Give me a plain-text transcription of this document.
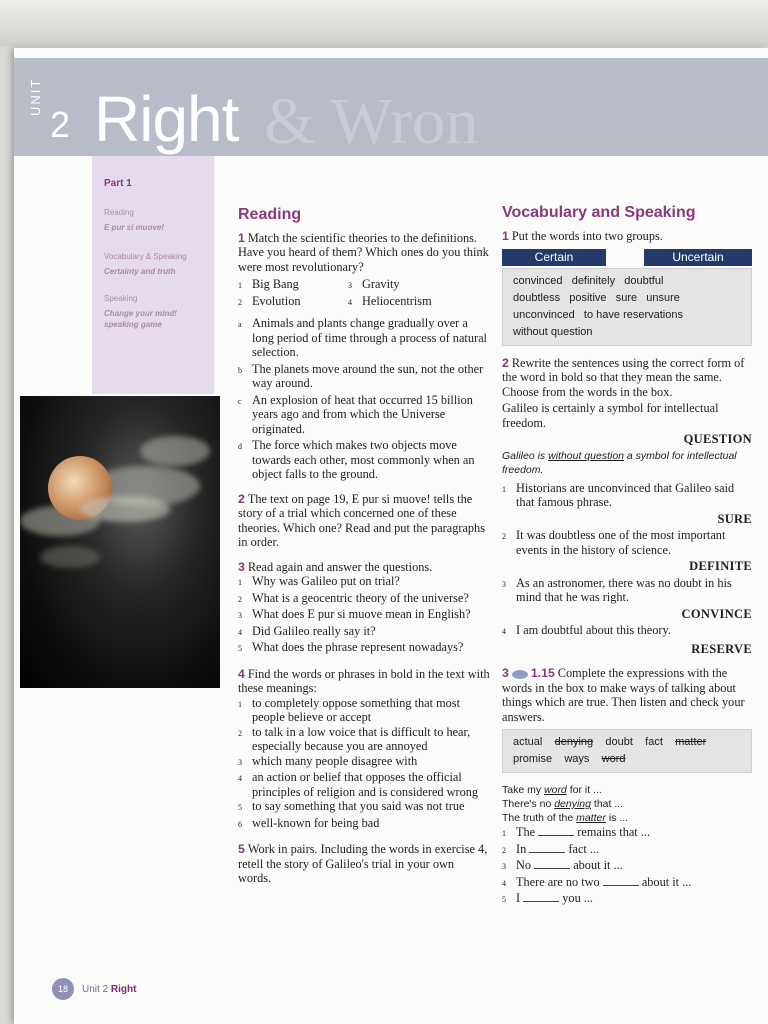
UNIT
2	& Wron
Right
Part 1
Reading
E pur si muove!
Vocabulary & Speaking
Certainty and truth
Speaking
Change your mind! speaking game
Reading

1 Match the scientific theories to the definitions. Have you heard of them? Which ones do you think were most revolutionary?

1 Big Bang	3 Gravity
2 Evolution	4 Heliocentrism
a Animals and plants change gradually over a long period of time through a process of natural selection.
b The planets move around the sun, not the other way around.
c An explosion of heat that occurred 15 billion years ago and from which the Universe originated.
d The force which makes two objects move towards each other, most commonly when an object falls to the ground.

2 The text on page 19, E pur si muove! tells the story of a trial which concerned one of these theories. Which one? Read and put the paragraphs in order.

3 Read again and answer the questions.

1 Why was Galileo put on trial?
2 What is a geocentric theory of the universe?
3 What does E pur si muove mean in English?
4 Did Galileo really say it?
5 What does the phrase represent nowadays?

4 Find the words or phrases in bold in the text with these meanings:

1 to completely oppose something that most people believe or accept
2 to talk in a low voice that is difficult to hear, especially because you are annoyed
3 which many people disagree with
4 an action or belief that opposes the official principles of religion and is considered wrong
5 to say something that you said was not true
6 well-known for being bad

5 Work in pairs. Including the words in exercise 4, retell the story of Galileo's trial in your own words.

Vocabulary and Speaking

1 Put the words into two groups.

Certain	Uncertain
convinced   definitely   doubtful
doubtless   positive   sure   unsure
unconvinced   to have reservations
without question

2 Rewrite the sentences using the correct form of the word in bold so that they mean the same. Choose from the words in the box.

Galileo is certainly a symbol for intellectual freedom.

QUESTION

Galileo is without question a symbol for intellectual freedom.

1 Historians are unconvinced that Galileo said that famous phrase.
SURE
2 It was doubtless one of the most important events in the history of science.
DEFINITE
3 As an astronomer, there was no doubt in his mind that he was right.
CONVINCE
4 I am doubtful about this theory.
RESERVE

3 1.15 Complete the expressions with the words in the box to make ways of talking about things which are true. Then listen and check your answers.

actual denying doubt fact matter
promise ways word

Take my word for it ...

There's no denying that ...

The truth of the matter is ...

1 The	remains that ...
2 In	fact ...
3 No	about it ...
4 There are no two	about it ...
5 I	you ...
18	Unit 2
Right
